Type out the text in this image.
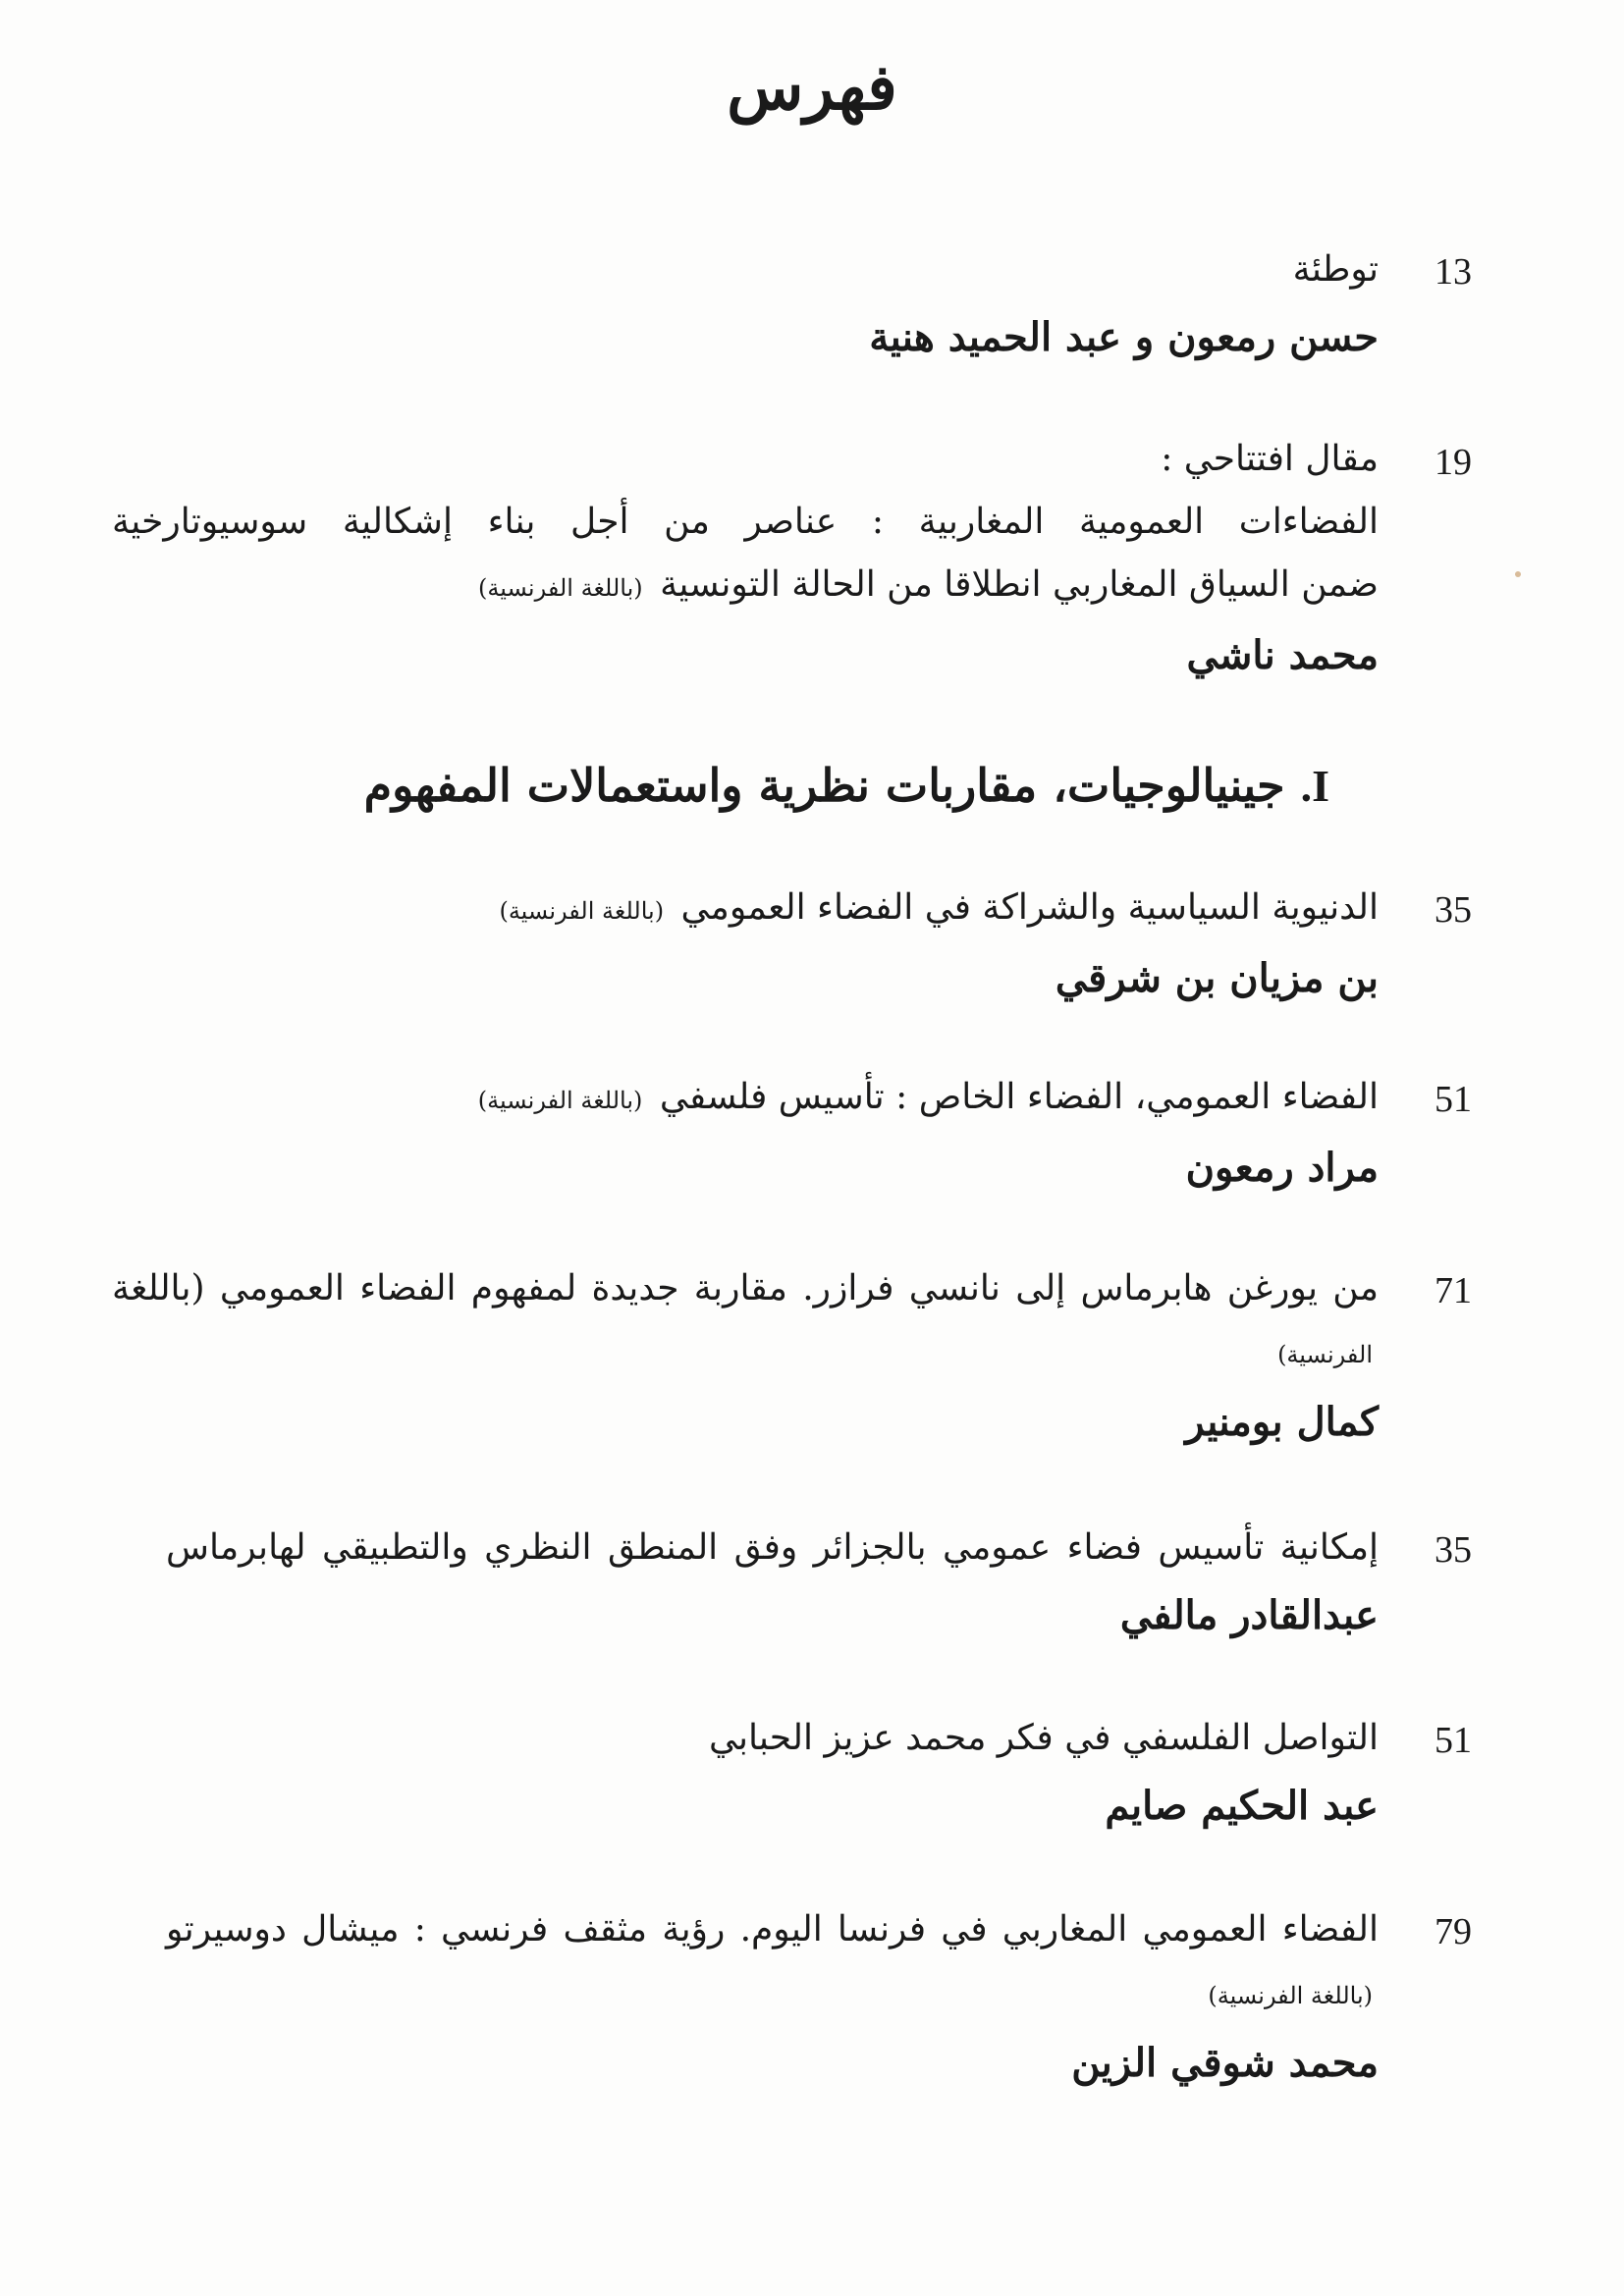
فهرس
13
توطئة
حسن رمعون و عبد الحميد هنية
19
مقال افتتاحي :
الفضاءات العمومية المغاربية : عناصر من أجل بناء إشكالية سوسيوتارخية
ضمن السياق المغاربي انطلاقا من الحالة التونسية (باللغة الفرنسية)
محمد ناشي
I. جينيالوجيات، مقاربات نظرية واستعمالات المفهوم
35
الدنيوية السياسية والشراكة في الفضاء العمومي (باللغة الفرنسية)
بن مزيان بن شرقي
51
الفضاء العمومي، الفضاء الخاص : تأسيس فلسفي (باللغة الفرنسية)
مراد رمعون
71
من يورغن هابرماس إلى نانسي فرازر. مقاربة جديدة لمفهوم الفضاء العمومي (باللغة
الفرنسية)
كمال بومنير
35
إمكانية تأسيس فضاء عمومي بالجزائر وفق المنطق النظري والتطبيقي لهابرماس
عبدالقادر مالفي
51
التواصل الفلسفي في فكر محمد عزيز الحبابي
عبد الحكيم صايم
79
الفضاء العمومي المغاربي في فرنسا اليوم. رؤية مثقف فرنسي : ميشال دوسيرتو
(باللغة الفرنسية)
محمد شوقي الزين
